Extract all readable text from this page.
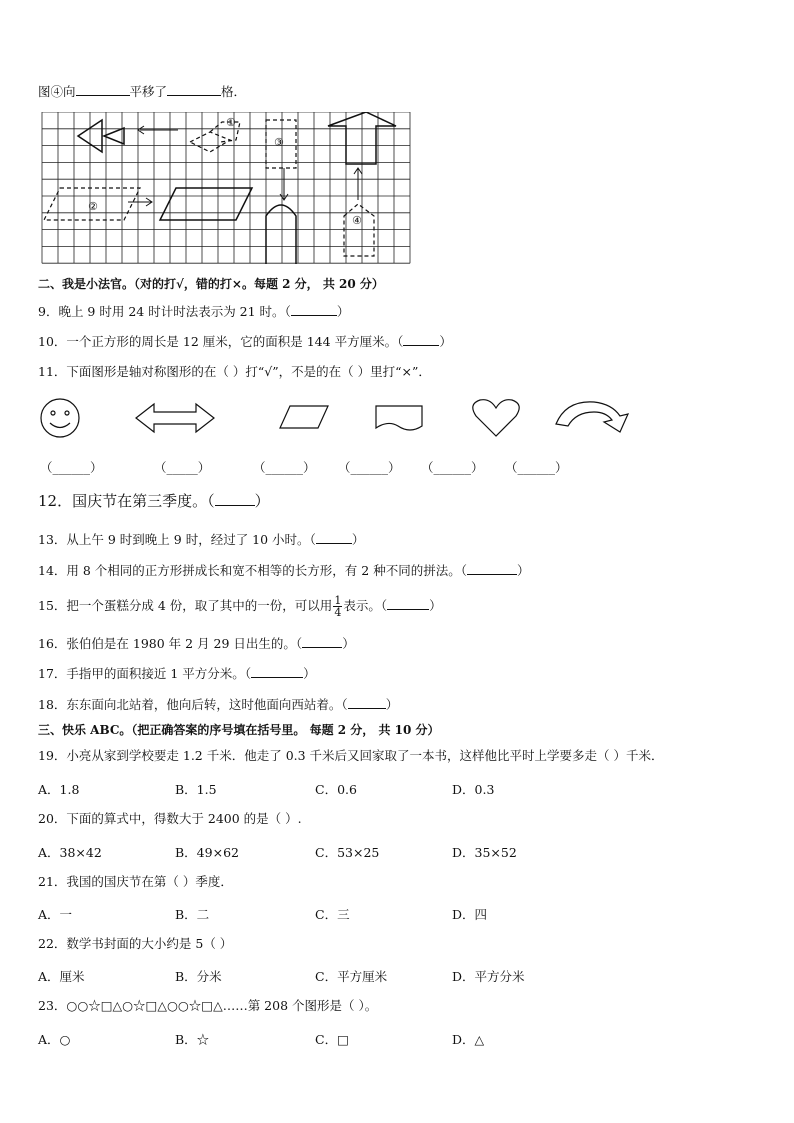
图④向	平移了	格．
①
②
③
④
二、我是小法官。（对的打√，错的打×。每题 2 分， 共 20 分）
9．晚上 9 时用 24 时计时法表示为 21 时。（	）
10．一个正方形的周长是 12 厘米，它的面积是 144 平方厘米。（	）
11．下面图形是轴对称图形的在（ ）打“√”，不是的在（ ）里打“×”．
（______）	（_____）	（______） （______） （______） （______）
12．国庆节在第三季度。（	）
13．从上午 9 时到晚上 9 时，经过了 10 小时。（	）
14．用 8 个相同的正方形拼成长和宽不相等的长方形，有 2 种不同的拼法。（	）
15．把一个蛋糕分成 4 份，取了其中的一份，可以用 $\frac{1}{4}$ 表示。（	）
16．张伯伯是在 1980 年 2 月 29 日出生的。（	）
17．手指甲的面积接近 1 平方分米。（	）
18．东东面向北站着，他向后转，这时他面向西站着。（	）
三、快乐 ABC。（把正确答案的序号填在括号里。 每题 2 分， 共 10 分）
19．小亮从家到学校要走 1.2 千米．他走了 0.3 千米后又回家取了一本书，这样他比平时上学要多走（ ）千米．
A．1.8	B．1.5	C．0.6	D．0.3
20．下面的算式中，得数大于 2400 的是（ ）.
A．38×42	B．49×62	C．53×25	D．35×52
21．我国的国庆节在第（ ）季度．
A．一	B．二	C．三	D．四
22．数学书封面的大小约是 5（ ）
A．厘米	B．分米	C．平方厘米	D．平方分米
23．○○☆□△○☆□△○○☆□△……第 208 个图形是（ ）。
A．○	B．☆	C．□	D．△
